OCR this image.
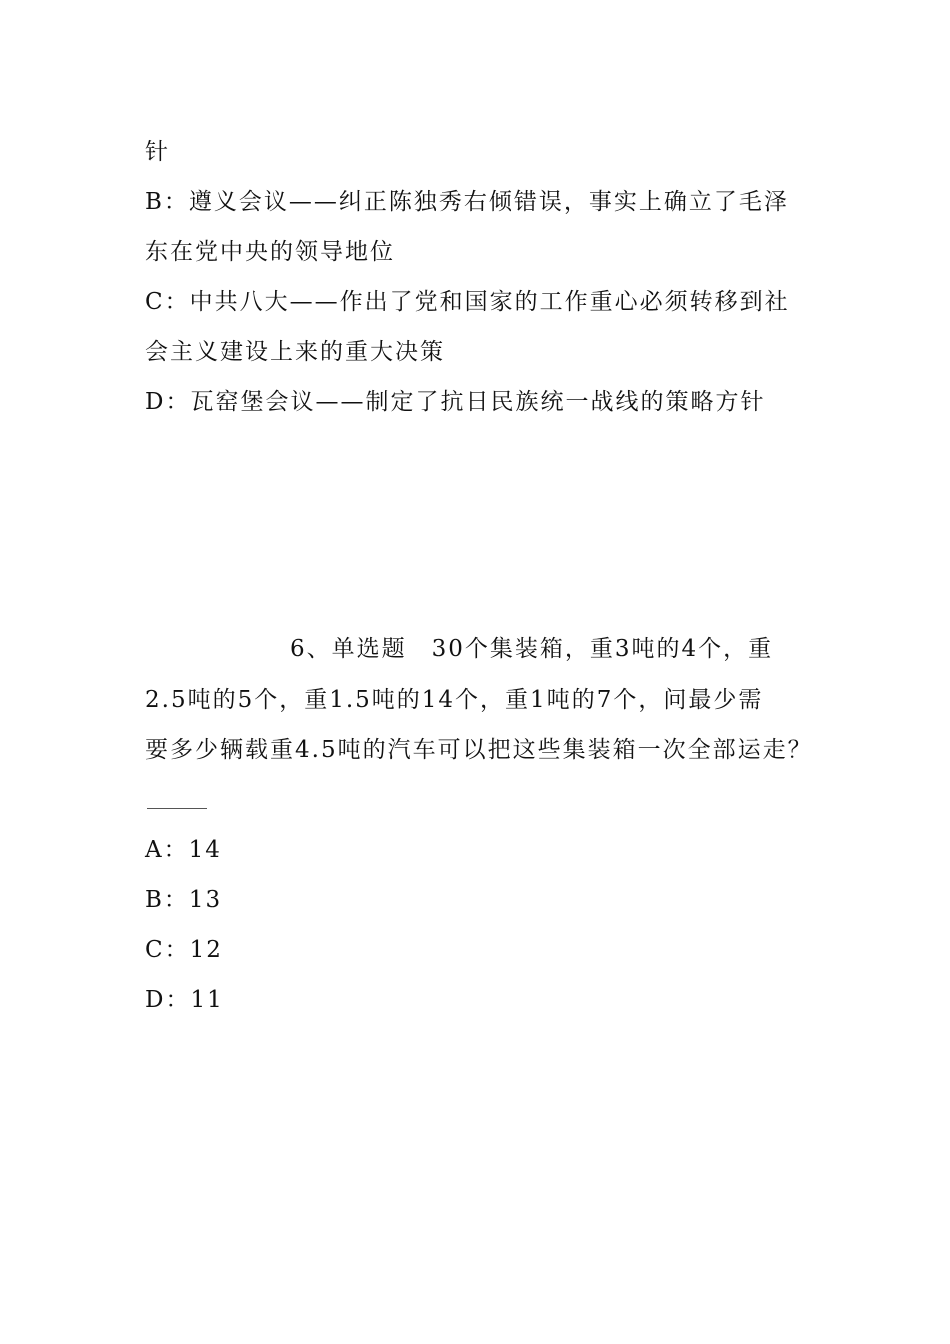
针
B：遵义会议——纠正陈独秀右倾错误，事实上确立了毛泽
东在党中央的领导地位
C：中共八大——作出了党和国家的工作重心必须转移到社
会主义建设上来的重大决策
D：瓦窑堡会议——制定了抗日民族统一战线的策略方针
6、单选题　30个集装箱，重3吨的4个，重
2.5吨的5个，重1.5吨的14个，重1吨的7个，问最少需
要多少辆载重4.5吨的汽车可以把这些集装箱一次全部运走？
A：14
B：13
C：12
D：11
